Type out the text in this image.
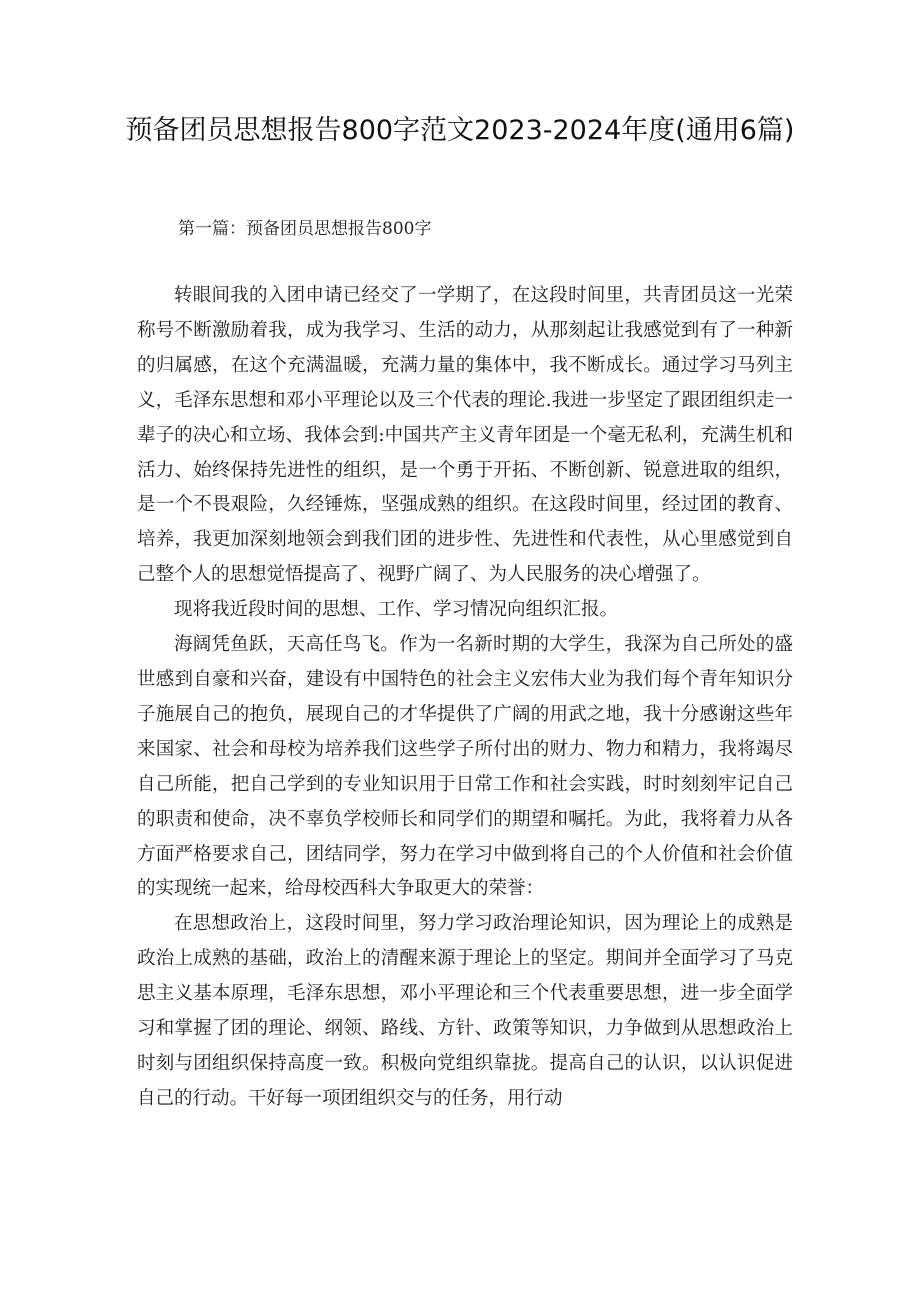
预备团员思想报告800字范文2023-2024年度(通用6篇)
第一篇：预备团员思想报告800字

转眼间我的入团申请已经交了一学期了，在这段时间里，共青团员这一光荣称号不断激励着我，成为我学习、生活的动力，从那刻起让我感觉到有了一种新的归属感，在这个充满温暖，充满力量的集体中，我不断成长。通过学习马列主义，毛泽东思想和邓小平理论以及三个代表的理论.我进一步坚定了跟团组织走一辈子的决心和立场、我体会到:中国共产主义青年团是一个毫无私利，充满生机和活力、始终保持先进性的组织，是一个勇于开拓、不断创新、锐意进取的组织，是一个不畏艰险，久经锤炼，坚强成熟的组织。在这段时间里，经过团的教育、培养，我更加深刻地领会到我们团的进步性、先进性和代表性，从心里感觉到自己整个人的思想觉悟提高了、视野广阔了、为人民服务的决心增强了。

现将我近段时间的思想、工作、学习情况向组织汇报。

海阔凭鱼跃，天高任鸟飞。作为一名新时期的大学生，我深为自己所处的盛世感到自豪和兴奋，建设有中国特色的社会主义宏伟大业为我们每个青年知识分子施展自己的抱负，展现自己的才华提供了广阔的用武之地，我十分感谢这些年来国家、社会和母校为培养我们这些学子所付出的财力、物力和精力，我将竭尽自己所能，把自己学到的专业知识用于日常工作和社会实践，时时刻刻牢记自己的职责和使命，决不辜负学校师长和同学们的期望和嘱托。为此，我将着力从各方面严格要求自己，团结同学，努力在学习中做到将自己的个人价值和社会价值的实现统一起来，给母校西科大争取更大的荣誉：

在思想政治上，这段时间里，努力学习政治理论知识，因为理论上的成熟是政治上成熟的基础，政治上的清醒来源于理论上的坚定。期间并全面学习了马克思主义基本原理，毛泽东思想，邓小平理论和三个代表重要思想，进一步全面学习和掌握了团的理论、纲领、路线、方针、政策等知识，力争做到从思想政治上时刻与团组织保持高度一致。积极向党组织靠拢。提高自己的认识，以认识促进自己的行动。干好每一项团组织交与的任务，用行动
